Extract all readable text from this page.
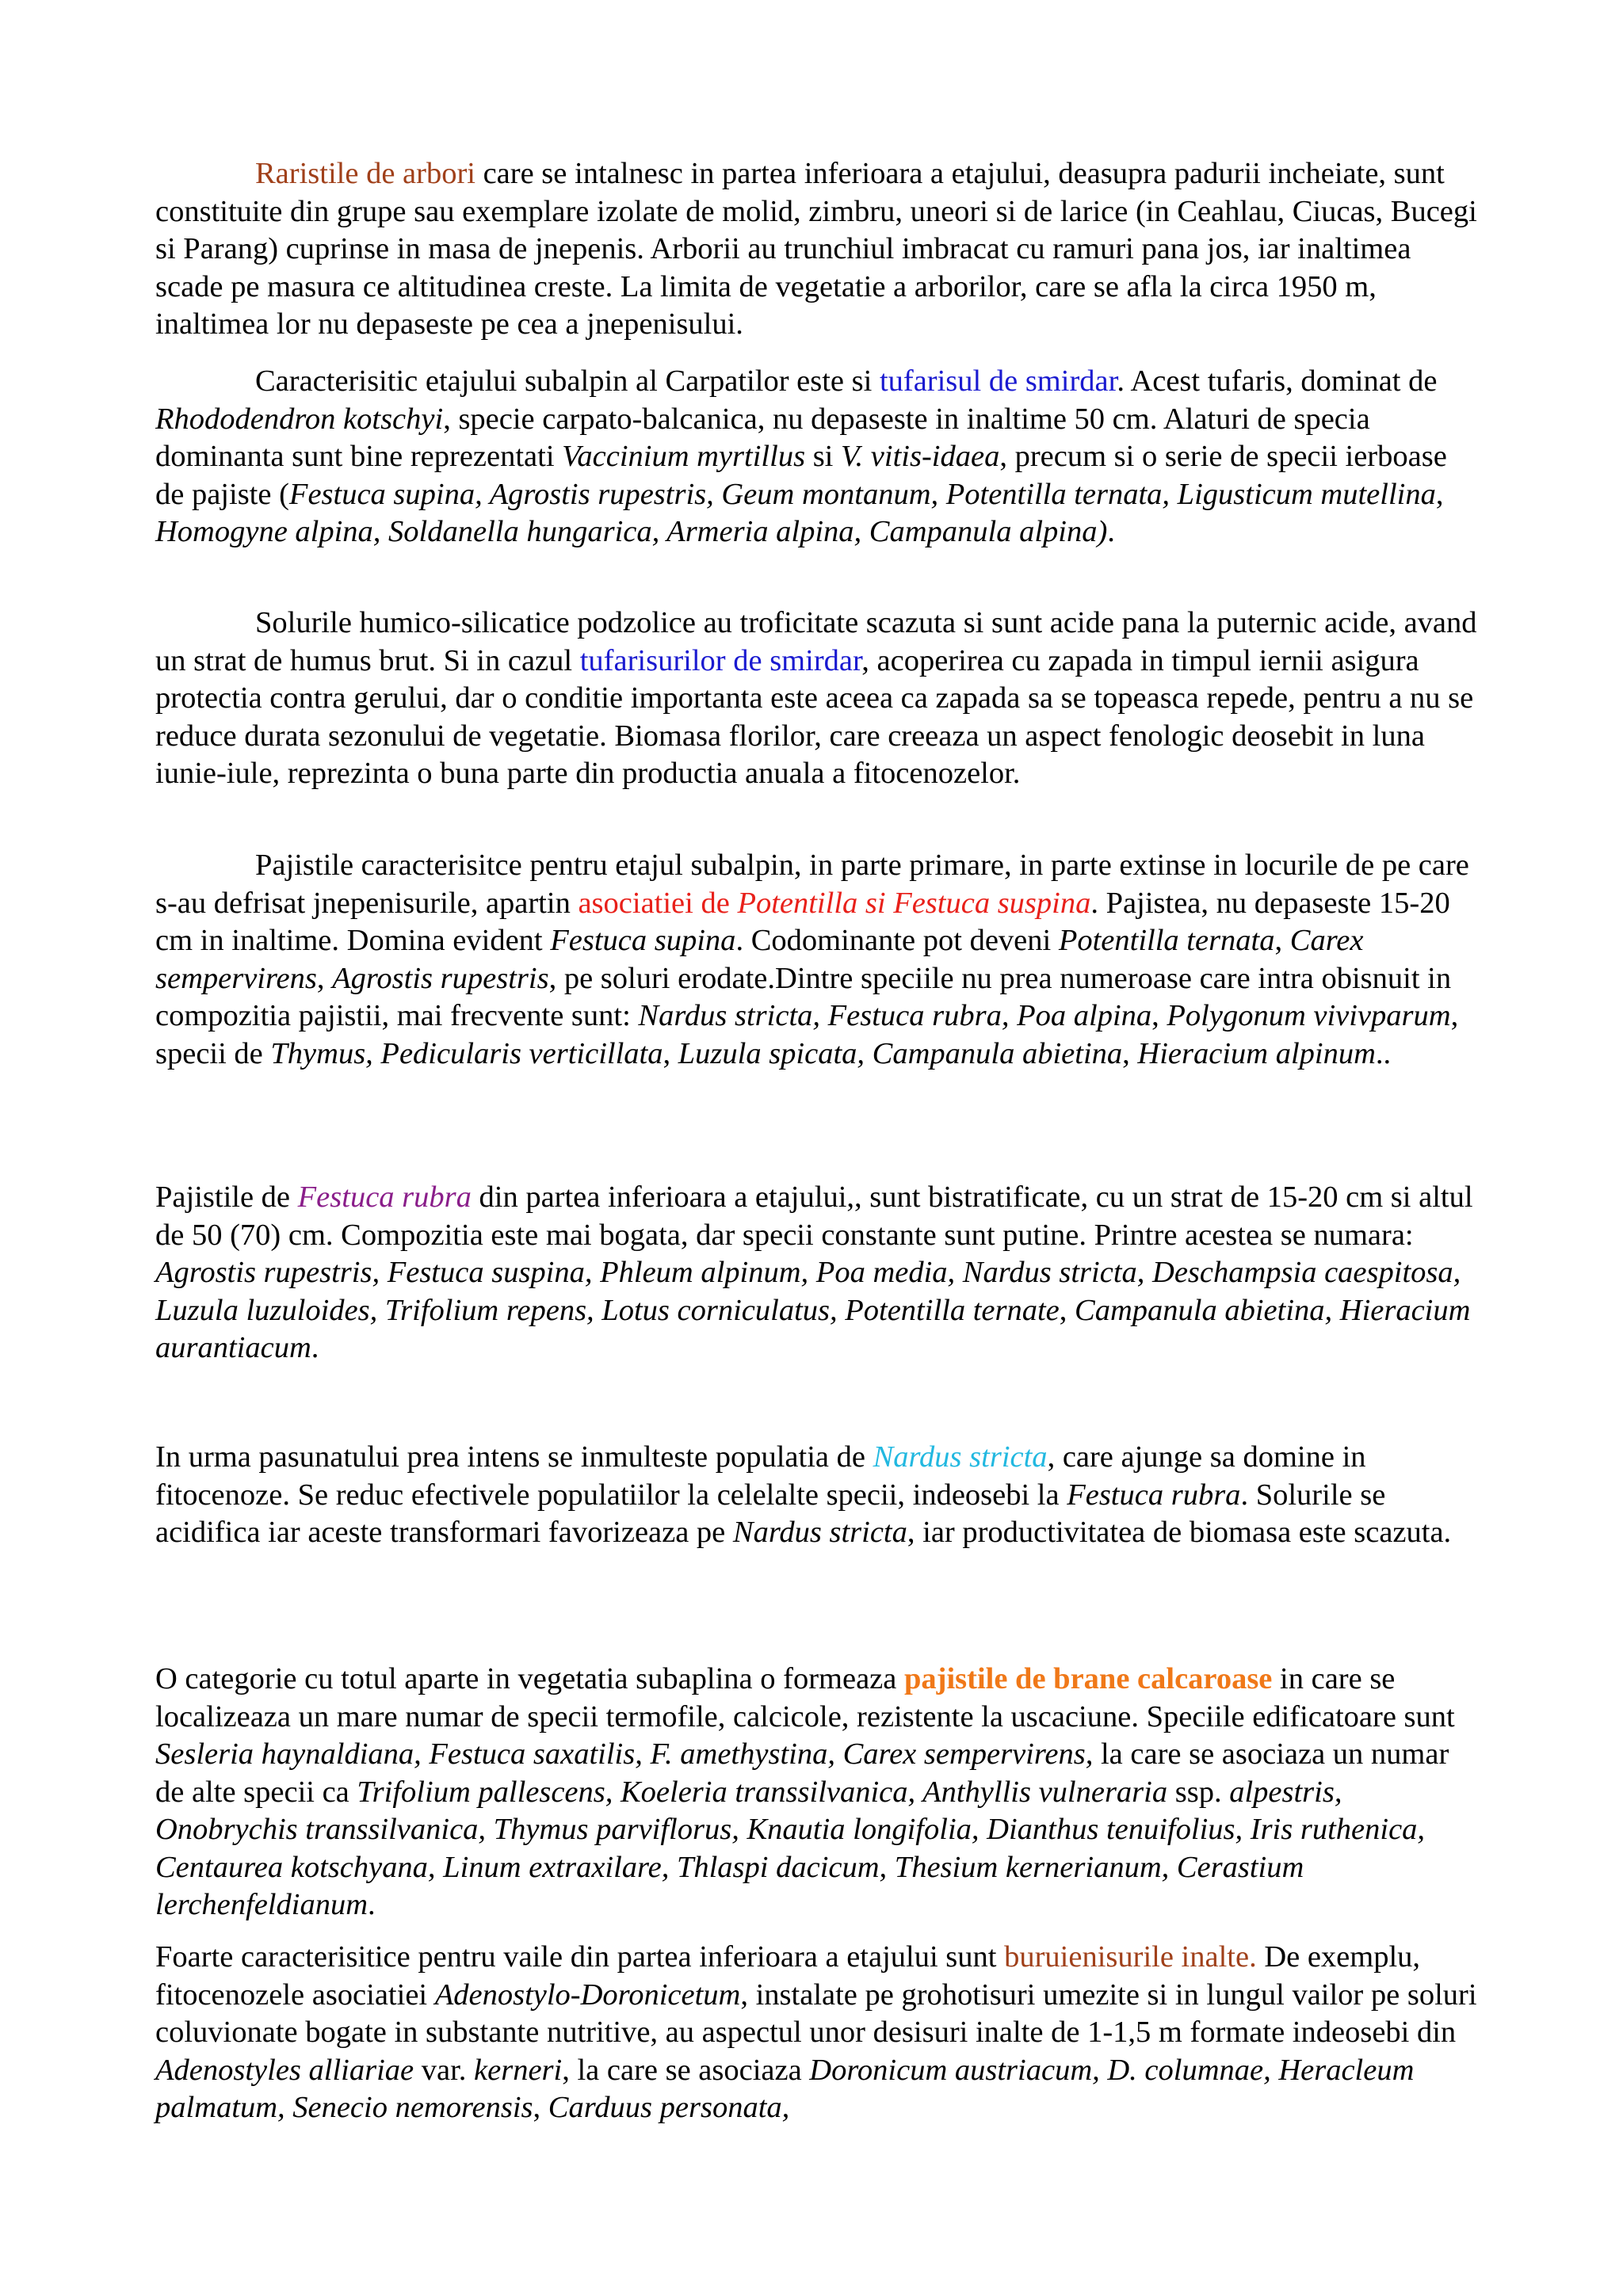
Raristile de arbori care se intalnesc in partea inferioara a etajului, deasupra padurii incheiate, sunt constituite din grupe sau exemplare izolate de molid, zimbru, uneori si de larice (in Ceahlau, Ciucas, Bucegi si Parang) cuprinse in masa de jnepenis. Arborii au trunchiul imbracat cu ramuri pana jos, iar inaltimea scade pe masura ce altitudinea creste. La limita de vegetatie a arborilor, care se afla la circa 1950 m, inaltimea lor nu depaseste pe cea a jnepenisului.

Caracterisitic etajului subalpin al Carpatilor este si tufarisul de smirdar. Acest tufaris, dominat de Rhododendron kotschyi, specie carpato-balcanica, nu depaseste in inaltime 50 cm. Alaturi de specia dominanta sunt bine reprezentati Vaccinium myrtillus si V. vitis-idaea, precum si o serie de specii ierboase de pajiste (Festuca supina, Agrostis rupestris, Geum montanum, Potentilla ternata, Ligusticum mutellina, Homogyne alpina, Soldanella hungarica, Armeria alpina, Campanula alpina).

Solurile humico-silicatice podzolice au troficitate scazuta si sunt acide pana la puternic acide, avand un strat de humus brut. Si in cazul tufarisurilor de smirdar, acoperirea cu zapada in timpul iernii asigura protectia contra gerului, dar o conditie importanta este aceea ca zapada sa se topeasca repede, pentru a nu se reduce durata sezonului de vegetatie. Biomasa florilor, care creeaza un aspect fenologic deosebit in luna iunie-iule, reprezinta o buna parte din productia anuala a fitocenozelor.

Pajistile caracterisitce pentru etajul subalpin, in parte primare, in parte extinse in locurile de pe care s-au defrisat jnepenisurile, apartin asociatiei de Potentilla si Festuca suspina. Pajistea, nu depaseste 15-20 cm in inaltime. Domina evident Festuca supina. Codominante pot deveni Potentilla ternata, Carex sempervirens, Agrostis rupestris, pe soluri erodate.Dintre speciile nu prea numeroase care intra obisnuit in compozitia pajistii, mai frecvente sunt: Nardus stricta, Festuca rubra, Poa alpina, Polygonum vivivparum, specii de Thymus, Pedicularis verticillata, Luzula spicata, Campanula abietina, Hieracium alpinum..

Pajistile de Festuca rubra din partea inferioara a etajului,, sunt bistratificate, cu un strat de 15-20 cm si altul de 50 (70) cm. Compozitia este mai bogata, dar specii constante sunt putine. Printre acestea se numara: Agrostis rupestris, Festuca suspina, Phleum alpinum, Poa media, Nardus stricta, Deschampsia caespitosa, Luzula luzuloides, Trifolium repens, Lotus corniculatus, Potentilla ternate, Campanula abietina, Hieracium aurantiacum.

In urma pasunatului prea intens se inmulteste populatia de Nardus stricta, care ajunge sa domine in fitocenoze. Se reduc efectivele populatiilor la celelalte specii, indeosebi la Festuca rubra. Solurile se acidifica iar aceste transformari favorizeaza pe Nardus stricta, iar productivitatea de biomasa este scazuta.

O categorie cu totul aparte in vegetatia subaplina o formeaza pajistile de brane calcaroase in care se localizeaza un mare numar de specii termofile, calcicole, rezistente la uscaciune. Speciile edificatoare sunt Sesleria haynaldiana, Festuca saxatilis, F. amethystina, Carex sempervirens, la care se asociaza un numar de alte specii ca Trifolium pallescens, Koeleria transsilvanica, Anthyllis vulneraria ssp. alpestris, Onobrychis transsilvanica, Thymus parviflorus, Knautia longifolia, Dianthus tenuifolius, Iris ruthenica, Centaurea kotschyana, Linum extraxilare, Thlaspi dacicum, Thesium kernerianum, Cerastium lerchenfeldianum.

Foarte caracterisitice pentru vaile din partea inferioara a etajului sunt buruienisurile inalte. De exemplu, fitocenozele asociatiei Adenostylo-Doronicetum, instalate pe grohotisuri umezite si in lungul vailor pe soluri coluvionate bogate in substante nutritive, au aspectul unor desisuri inalte de 1-1,5 m formate indeosebi din Adenostyles alliariae var. kerneri, la care se asociaza Doronicum austriacum, D. columnae, Heracleum palmatum, Senecio nemorensis, Carduus personata,
